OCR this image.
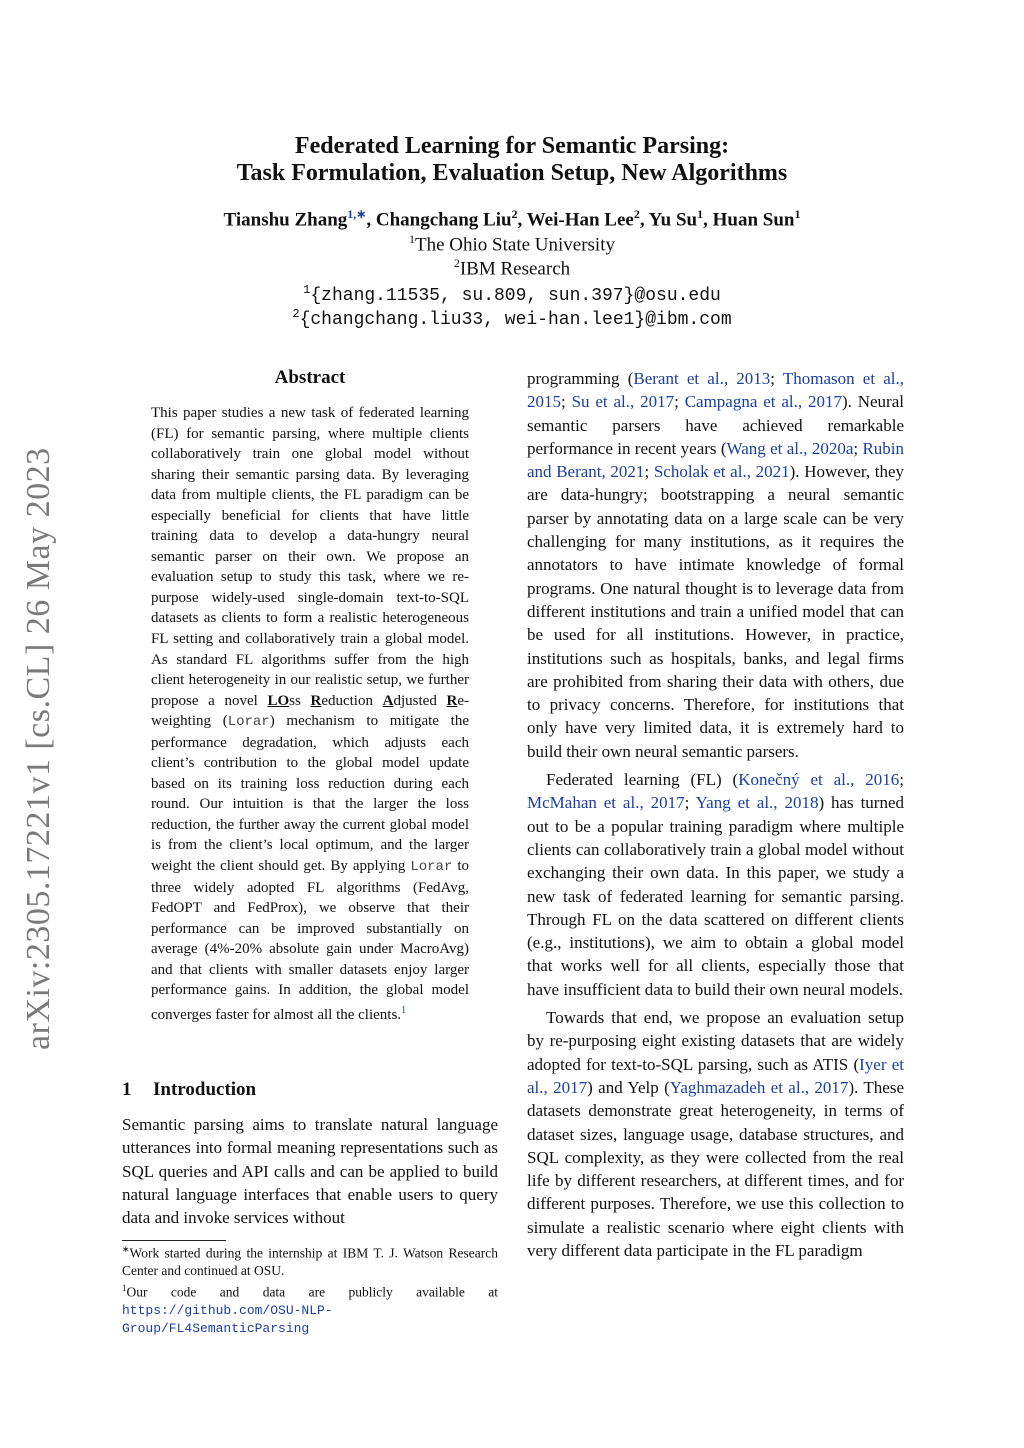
arXiv:2305.17221v1 [cs.CL] 26 May 2023
Federated Learning for Semantic Parsing:
Task Formulation, Evaluation Setup, New Algorithms
Tianshu Zhang$^{1,∗}$, Changchang Liu$^2$, Wei-Han Lee$^2$, Yu Su$^1$, Huan Sun$^1$
$^1$The Ohio State University
$^2$IBM Research
$^1${zhang.11535, su.809, sun.397}@osu.edu
$^2${changchang.liu33, wei-han.lee1}@ibm.com
Abstract
This paper studies a new task of federated learning (FL) for semantic parsing, where multiple clients collaboratively train one global model without sharing their semantic parsing data. By leveraging data from multiple clients, the FL paradigm can be especially beneficial for clients that have little training data to develop a data-hungry neural semantic parser on their own. We propose an evaluation setup to study this task, where we re-purpose widely-used single-domain text-to-SQL datasets as clients to form a realistic heterogeneous FL setting and collaboratively train a global model. As standard FL algorithms suffer from the high client heterogeneity in our realistic setup, we further propose a novel LOss Reduction Adjusted Re-weighting (Lorar) mechanism to mitigate the performance degradation, which adjusts each client’s contribution to the global model update based on its training loss reduction during each round. Our intuition is that the larger the loss reduction, the further away the current global model is from the client’s local optimum, and the larger weight the client should get. By applying Lorar to three widely adopted FL algorithms (FedAvg, FedOPT and FedProx), we observe that their performance can be improved substantially on average (4%-20% absolute gain under MacroAvg) and that clients with smaller datasets enjoy larger performance gains. In addition, the global model converges faster for almost all the clients.$^1$
1 Introduction
Semantic parsing aims to translate natural language utterances into formal meaning representations such as SQL queries and API calls and can be applied to build natural language interfaces that enable users to query data and invoke services without

∗Work started during the internship at IBM T. J. Watson Research Center and continued at OSU.

$^1$Our code and data are publicly available at https://github.com/OSU-NLP-Group/FL4SemanticParsing

programming (Berant et al., 2013; Thomason et al., 2015; Su et al., 2017; Campagna et al., 2017). Neural semantic parsers have achieved remarkable performance in recent years (Wang et al., 2020a; Rubin and Berant, 2021; Scholak et al., 2021). However, they are data-hungry; bootstrapping a neural semantic parser by annotating data on a large scale can be very challenging for many institutions, as it requires the annotators to have intimate knowledge of formal programs. One natural thought is to leverage data from different institutions and train a unified model that can be used for all institutions. However, in practice, institutions such as hospitals, banks, and legal firms are prohibited from sharing their data with others, due to privacy concerns. Therefore, for institutions that only have very limited data, it is extremely hard to build their own neural semantic parsers.

Federated learning (FL) (Konečný et al., 2016; McMahan et al., 2017; Yang et al., 2018) has turned out to be a popular training paradigm where multiple clients can collaboratively train a global model without exchanging their own data. In this paper, we study a new task of federated learning for semantic parsing. Through FL on the data scattered on different clients (e.g., institutions), we aim to obtain a global model that works well for all clients, especially those that have insufficient data to build their own neural models.

Towards that end, we propose an evaluation setup by re-purposing eight existing datasets that are widely adopted for text-to-SQL parsing, such as ATIS (Iyer et al., 2017) and Yelp (Yaghmazadeh et al., 2017). These datasets demonstrate great heterogeneity, in terms of dataset sizes, language usage, database structures, and SQL complexity, as they were collected from the real life by different researchers, at different times, and for different purposes. Therefore, we use this collection to simulate a realistic scenario where eight clients with very different data participate in the FL paradigm
